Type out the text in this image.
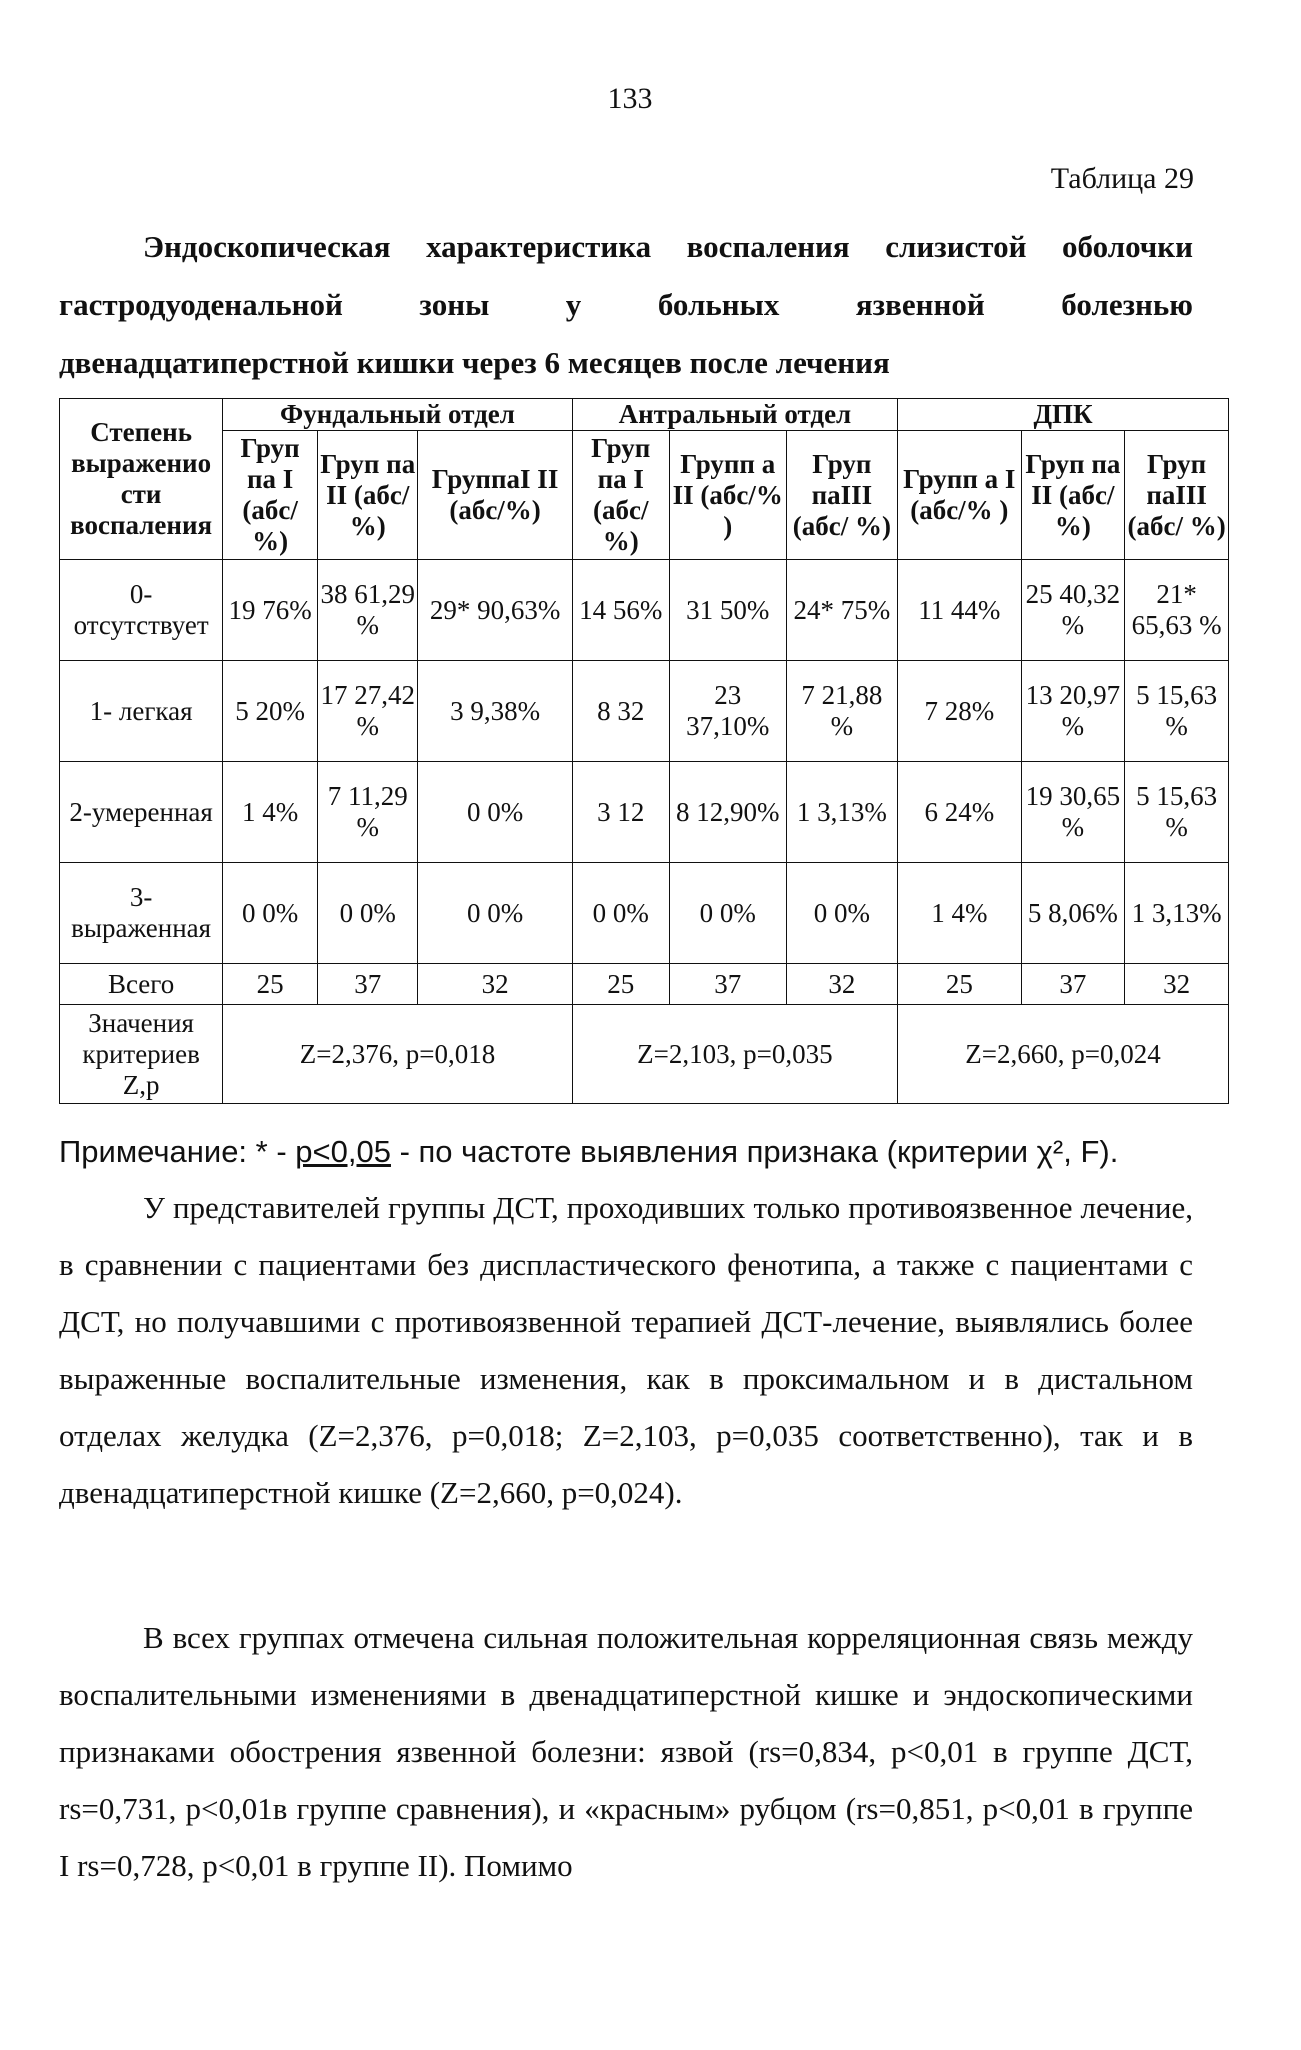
133
Таблица 29
Эндоскопическая характеристика воспаления слизистой оболочки
гастродуоденальной зоны у больных язвенной болезнью
двенадцатиперстной кишки через 6 месяцев после лечения
Степень выраженио сти воспаления	Фундальный отдел			Антральный отдел			ДПК		
	Груп па I (абс/ %)	Груп па II (абс/ %)	ГруппаI II (абс/%)	Груп па I (абс/ %)	Групп а II (абс/% )	Груп паIII (абс/ %)	Групп а I (абс/% )	Груп па II (абс/ %)	Груп паIII (абс/ %)
0- отсутствует	19 76%	38 61,29 %	29* 90,63%	14 56%	31 50%	24* 75%	11 44%	25 40,32 %	21* 65,63 %
1- легкая	5 20%	17 27,42 %	3 9,38%	8 32	23 37,10%	7 21,88 %	7 28%	13 20,97 %	5 15,63 %
2-умеренная	1 4%	7 11,29 %	0 0%	3 12	8 12,90%	1 3,13%	6 24%	19 30,65 %	5 15,63 %
3- выраженная	0 0%	0 0%	0 0%	0 0%	0 0%	0 0%	1 4%	5 8,06%	1 3,13%
Всего	25	37	32	25	37	32	25	37	32
Значения критериев Z,p	Z=2,376, p=0,018			Z=2,103, p=0,035			Z=2,660, p=0,024		
Примечание: * - p<0,05 - по частоте выявления признака (критерии χ², F).
У представителей группы ДСТ, проходивших только противоязвенное лечение, в сравнении с пациентами без диспластического фенотипа, а также с пациентами с ДСТ, но получавшими с противоязвенной терапией ДСТ-лечение, выявлялись более выраженные воспалительные изменения, как в проксимальном и в дистальном отделах желудка (Z=2,376, p=0,018; Z=2,103, p=0,035 соответственно), так и в двенадцатиперстной кишке (Z=2,660, p=0,024).
В всех группах отмечена сильная положительная корреляционная связь между воспалительными изменениями в двенадцатиперстной кишке и эндоскопическими признаками обострения язвенной болезни: язвой (rs=0,834, p<0,01 в группе ДСТ, rs=0,731, p<0,01в группе сравнения), и «красным» рубцом (rs=0,851, p<0,01 в группе I rs=0,728, p<0,01 в группе II). Помимо
